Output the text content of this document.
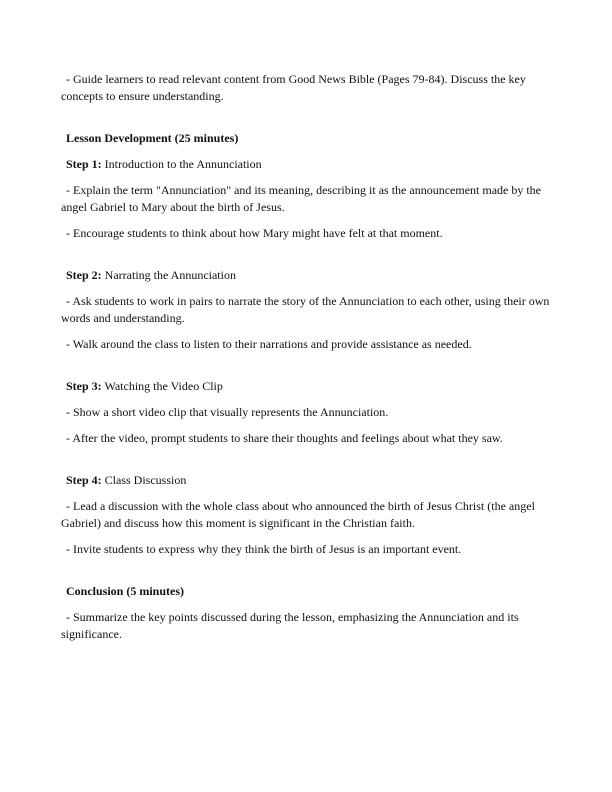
- Guide learners to read relevant content from Good News Bible (Pages 79-84). Discuss the key concepts to ensure understanding.

Lesson Development (25 minutes)

Step 1: Introduction to the Annunciation

- Explain the term "Annunciation" and its meaning, describing it as the announcement made by the angel Gabriel to Mary about the birth of Jesus.

- Encourage students to think about how Mary might have felt at that moment.

Step 2: Narrating the Annunciation

- Ask students to work in pairs to narrate the story of the Annunciation to each other, using their own words and understanding.

- Walk around the class to listen to their narrations and provide assistance as needed.

Step 3: Watching the Video Clip

- Show a short video clip that visually represents the Annunciation.

- After the video, prompt students to share their thoughts and feelings about what they saw.

Step 4: Class Discussion

- Lead a discussion with the whole class about who announced the birth of Jesus Christ (the angel Gabriel) and discuss how this moment is significant in the Christian faith.

- Invite students to express why they think the birth of Jesus is an important event.

Conclusion (5 minutes)

- Summarize the key points discussed during the lesson, emphasizing the Annunciation and its significance.
